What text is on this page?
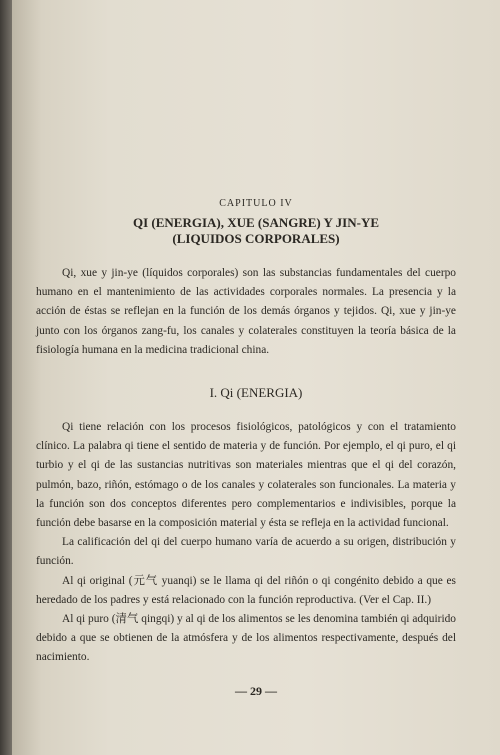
CAPITULO IV
QI (ENERGIA), XUE (SANGRE) Y JIN-YE
(LIQUIDOS CORPORALES)

Qi, xue y jin-ye (líquidos corporales) son las substancias fundamentales del cuerpo humano en el mantenimiento de las actividades corporales normales. La presencia y la acción de éstas se reflejan en la función de los demás órganos y tejidos. Qi, xue y jin-ye junto con los órganos zang-fu, los canales y colaterales constituyen la teoría básica de la fisiología humana en la medicina tradicional china.

I. Qi (ENERGIA)

Qi tiene relación con los procesos fisiológicos, patológicos y con el tratamiento clínico. La palabra qi tiene el sentido de materia y de función. Por ejemplo, el qi puro, el qi turbio y el qi de las sustancias nutritivas son materiales mientras que el qi del corazón, pulmón, bazo, riñón, estómago o de los canales y colaterales son funcionales. La materia y la función son dos conceptos diferentes pero complementarios e indivisibles, porque la función debe basarse en la composición material y ésta se refleja en la actividad funcional.

La calificación del qi del cuerpo humano varía de acuerdo a su origen, distribución y función.

Al qi original (元气 yuanqi) se le llama qi del riñón o qi congénito debido a que es heredado de los padres y está relacionado con la función reproductiva. (Ver el Cap. II.)

Al qi puro (清气 qingqi) y al qi de los alimentos se les denomina también qi adquirido debido a que se obtienen de la atmósfera y de los alimentos respectivamente, después del nacimiento.

— 29 —
